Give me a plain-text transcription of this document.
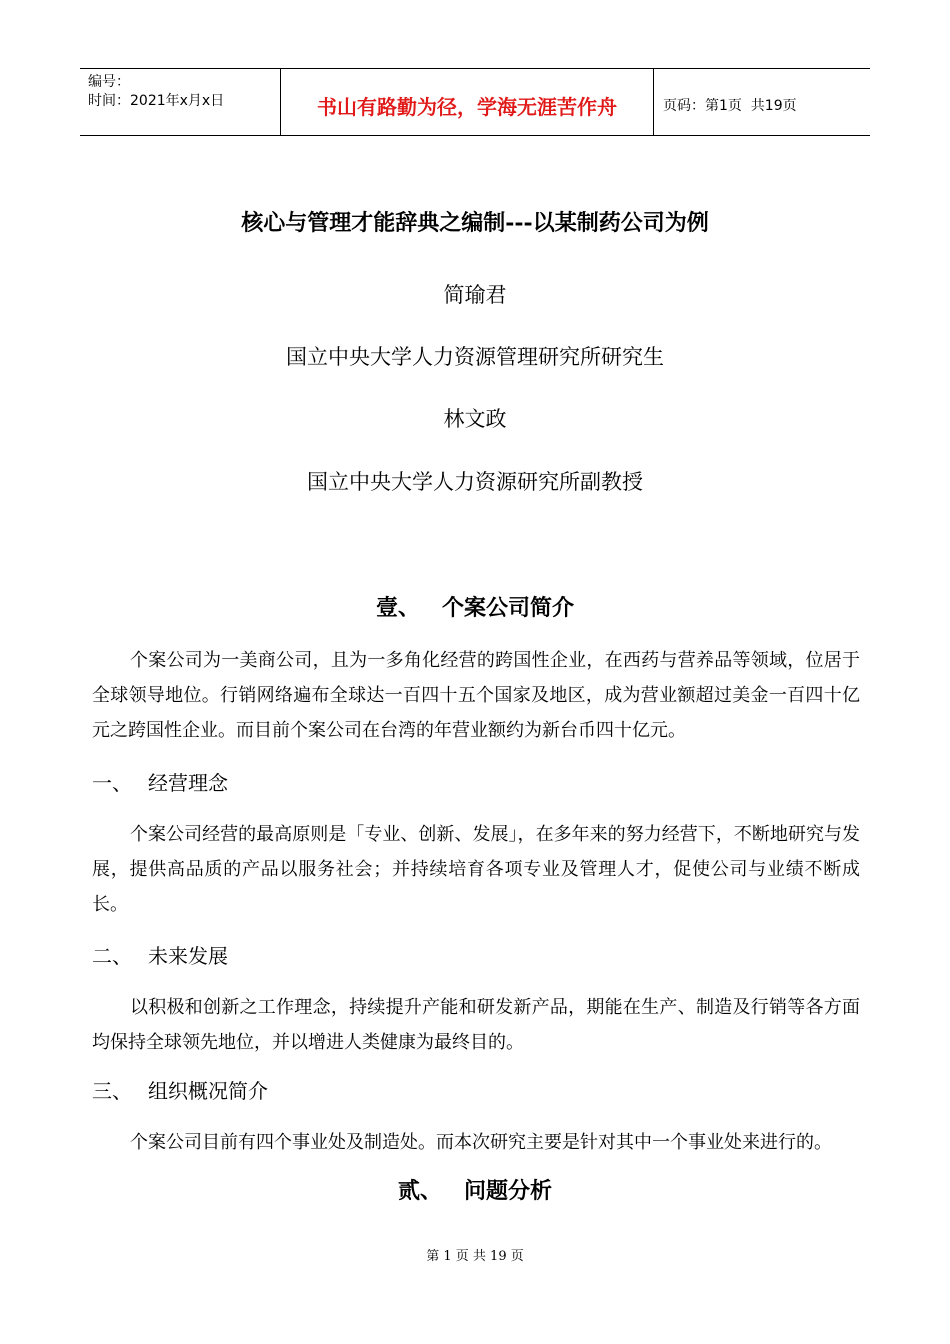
编号：
时间：2021年x月x日	书山有路勤为径，学海无涯苦作舟	页码：第1页  共19页
核心与管理才能辞典之编制---以某制药公司为例
简瑜君
国立中央大学人力资源管理研究所研究生
林文政
国立中央大学人力资源研究所副教授
壹、 个案公司简介
个案公司为一美商公司，且为一多角化经营的跨国性企业，在西药与营养品等领域，位居于全球领导地位。行销网络遍布全球达一百四十五个国家及地区，成为营业额超过美金一百四十亿元之跨国性企业。而目前个案公司在台湾的年营业额约为新台币四十亿元。
一、 经营理念
个案公司经营的最高原则是「专业、创新、发展」，在多年来的努力经营下，不断地研究与发展，提供高品质的产品以服务社会；并持续培育各项专业及管理人才，促使公司与业绩不断成长。
二、 未来发展
以积极和创新之工作理念，持续提升产能和研发新产品，期能在生产、制造及行销等各方面均保持全球领先地位，并以增进人类健康为最终目的。
三、 组织概况简介
个案公司目前有四个事业处及制造处。而本次研究主要是针对其中一个事业处来进行的。
贰、 问题分析
第 1 页 共 19 页
